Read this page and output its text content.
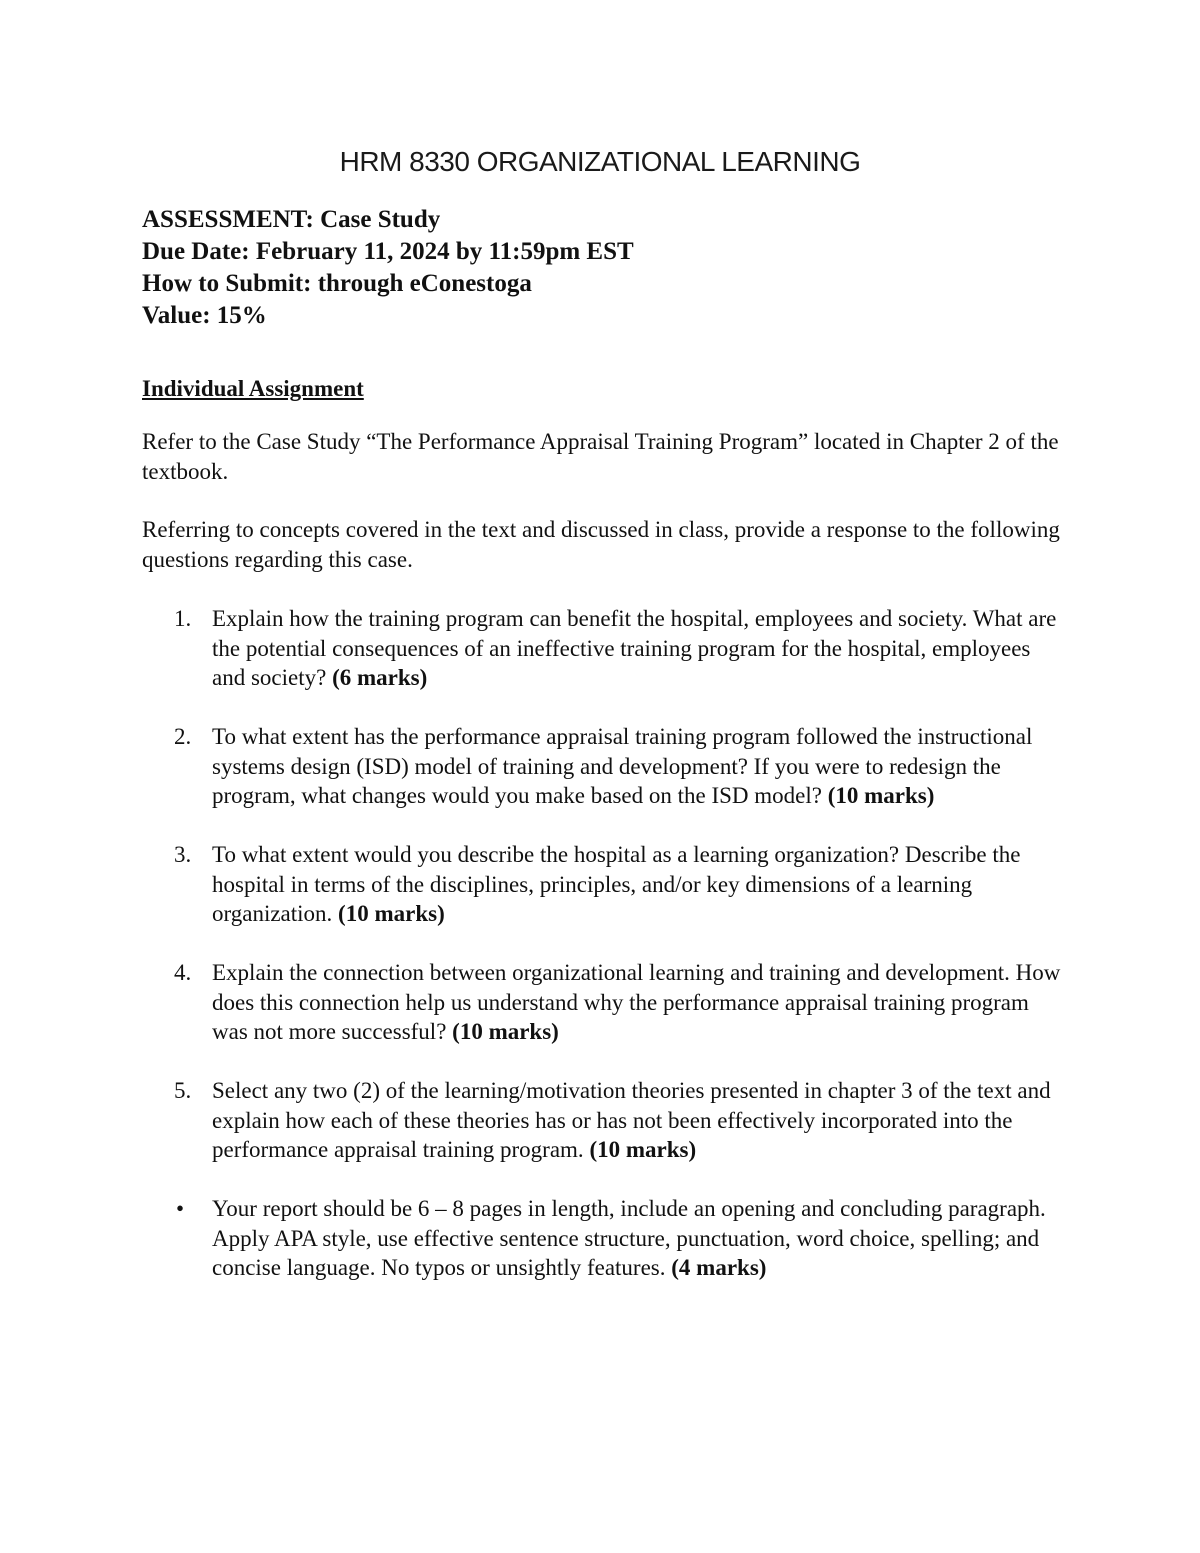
HRM 8330 ORGANIZATIONAL LEARNING
ASSESSMENT: Case Study
Due Date: February 11, 2024 by 11:59pm EST
How to Submit: through eConestoga
Value: 15%
Individual Assignment

Refer to the Case Study “The Performance Appraisal Training Program” located in Chapter 2 of the textbook.

Referring to concepts covered in the text and discussed in class, provide a response to the following questions regarding this case.

1. Explain how the training program can benefit the hospital, employees and society. What are the potential consequences of an ineffective training program for the hospital, employees and society? (6 marks)
2. To what extent has the performance appraisal training program followed the instructional systems design (ISD) model of training and development? If you were to redesign the program, what changes would you make based on the ISD model? (10 marks)
3. To what extent would you describe the hospital as a learning organization? Describe the hospital in terms of the disciplines, principles, and/or key dimensions of a learning organization. (10 marks)
4. Explain the connection between organizational learning and training and development. How does this connection help us understand why the performance appraisal training program was not more successful? (10 marks)
5. Select any two (2) of the learning/motivation theories presented in chapter 3 of the text and explain how each of these theories has or has not been effectively incorporated into the performance appraisal training program. (10 marks)
• Your report should be 6 – 8 pages in length, include an opening and concluding paragraph. Apply APA style, use effective sentence structure, punctuation, word choice, spelling; and concise language. No typos or unsightly features. (4 marks)
